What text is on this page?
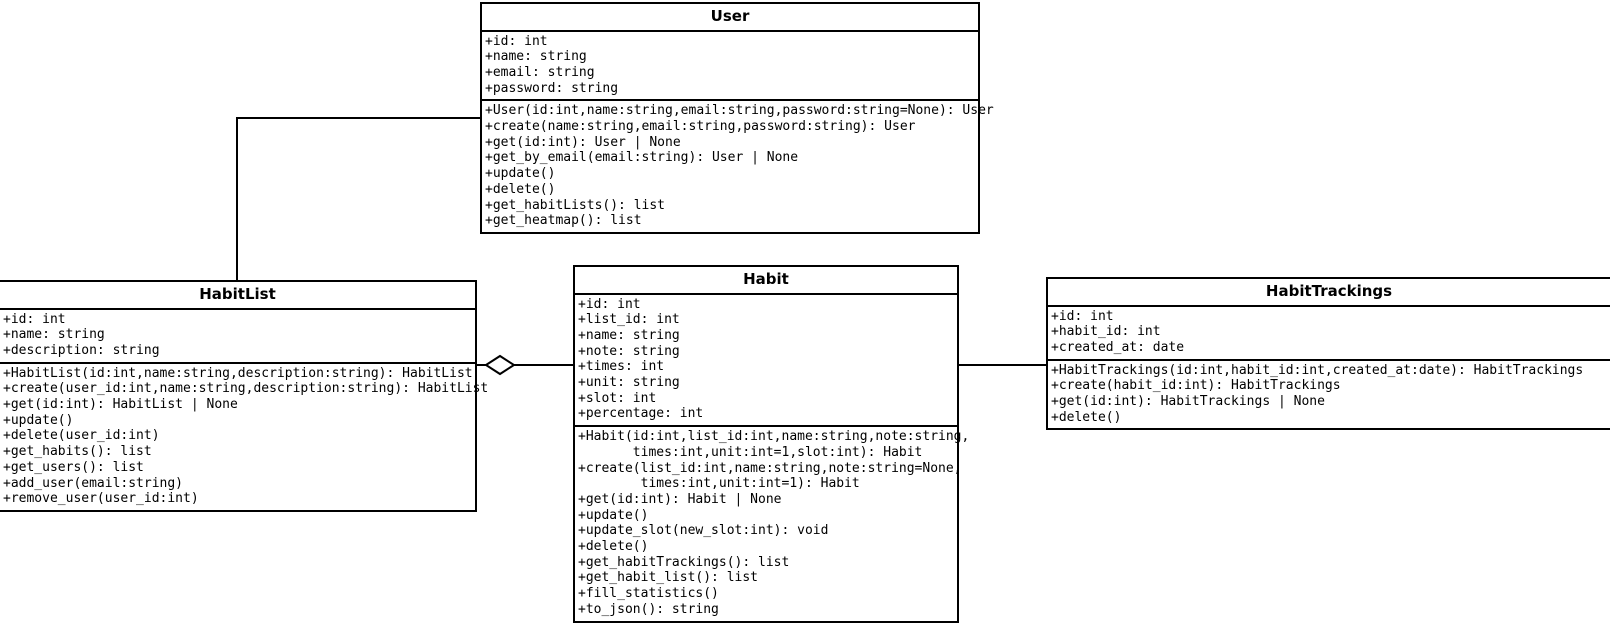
User
+id: int
+name: string
+email: string
+password: string
+User(id:int,name:string,email:string,password:string=None): User
+create(name:string,email:string,password:string): User
+get(id:int): User | None
+get_by_email(email:string): User | None
+update()
+delete()
+get_habitLists(): list
+get_heatmap(): list
HabitList
+id: int
+name: string
+description: string
+HabitList(id:int,name:string,description:string): HabitList
+create(user_id:int,name:string,description:string): HabitList
+get(id:int): HabitList | None
+update()
+delete(user_id:int)
+get_habits(): list
+get_users(): list
+add_user(email:string)
+remove_user(user_id:int)
Habit
+id: int
+list_id: int
+name: string
+note: string
+times: int
+unit: string
+slot: int
+percentage: int
+Habit(id:int,list_id:int,name:string,note:string,
times:int,unit:int=1,slot:int): Habit
+create(list_id:int,name:string,note:string=None,
times:int,unit:int=1): Habit
+get(id:int): Habit | None
+update()
+update_slot(new_slot:int): void
+delete()
+get_habitTrackings(): list
+get_habit_list(): list
+fill_statistics()
+to_json(): string
HabitTrackings
+id: int
+habit_id: int
+created_at: date
+HabitTrackings(id:int,habit_id:int,created_at:date): HabitTrackings
+create(habit_id:int): HabitTrackings
+get(id:int): HabitTrackings | None
+delete()
